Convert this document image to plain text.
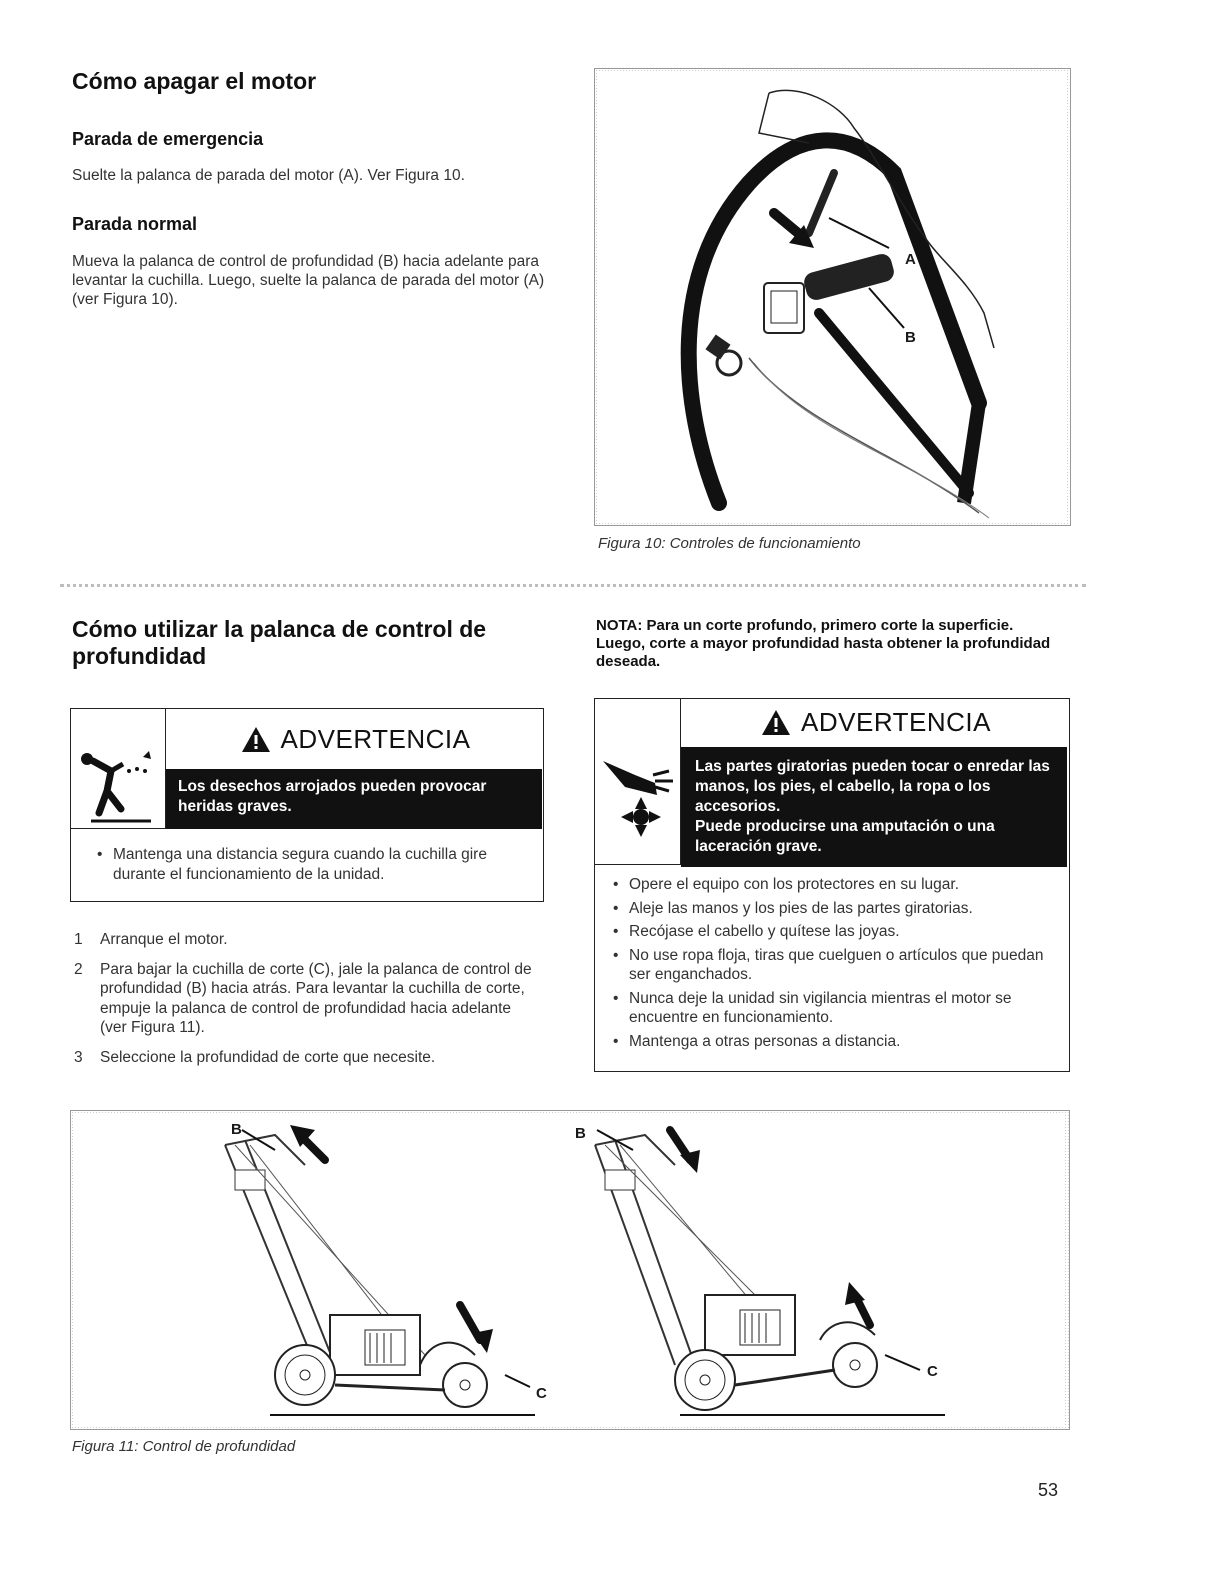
Cómo apagar el motor
Parada de emergencia

Suelte la palanca de parada del motor (A). Ver Figura 10.

Parada normal

Mueva la palanca de control de profundidad (B) hacia adelante para levantar la cuchilla. Luego, suelte la palanca de parada del motor (A) (ver Figura 10).

A
B
Figura 10: Controles de funcionamiento
Cómo utilizar la palanca de control de profundidad

NOTA: Para un corte profundo, primero corte la superficie. Luego, corte a mayor profundidad hasta obtener la profundidad deseada.

ADVERTENCIA
Los desechos arrojados pueden provocar heridas graves.
• Mantenga una distancia segura cuando la cuchilla gire durante el funcionamiento de la unidad.
1 Arranque el motor.
2 Para bajar la cuchilla de corte (C), jale la palanca de control de profundidad (B) hacia atrás. Para levantar la cuchilla de corte, empuje la palanca de control de profundidad hacia adelante (ver Figura 11).
3 Seleccione la profundidad de corte que necesite.
ADVERTENCIA
Las partes giratorias pueden tocar o enredar las manos, los pies, el cabello, la ropa o los accesorios.
Puede producirse una amputación o una laceración grave.
• Opere el equipo con los protectores en su lugar.
• Aleje las manos y los pies de las partes giratorias.
• Recójase el cabello y quítese las joyas.
• No use ropa floja, tiras que cuelguen o artículos que puedan ser enganchados.
• Nunca deje la unidad sin vigilancia mientras el motor se encuentre en funcionamiento.
• Mantenga a otras personas a distancia.
B
C
B
C
Figura 11: Control de profundidad
53
